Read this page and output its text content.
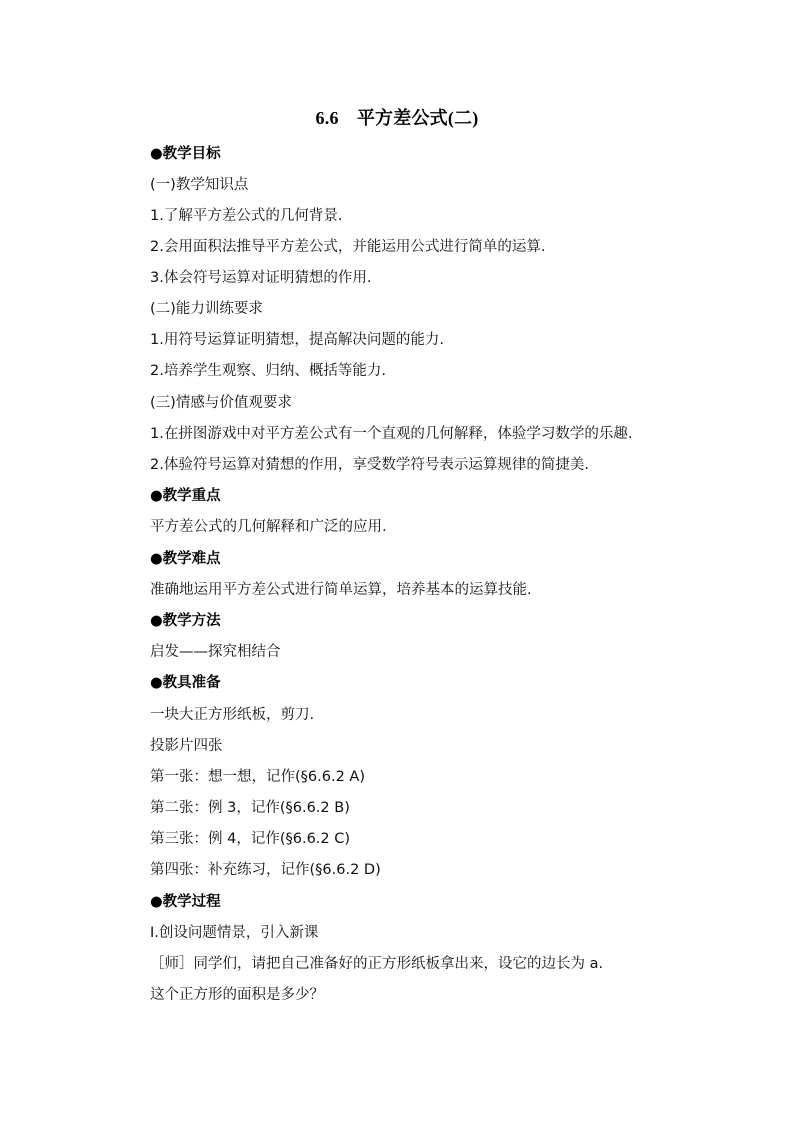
6.6　平方差公式(二)
●教学目标
(一)教学知识点
1.了解平方差公式的几何背景.
2.会用面积法推导平方差公式，并能运用公式进行简单的运算.
3.体会符号运算对证明猜想的作用.
(二)能力训练要求
1.用符号运算证明猜想，提高解决问题的能力.
2.培养学生观察、归纳、概括等能力.
(三)情感与价值观要求
1.在拼图游戏中对平方差公式有一个直观的几何解释，体验学习数学的乐趣.
2.体验符号运算对猜想的作用，享受数学符号表示运算规律的简捷美.
●教学重点
平方差公式的几何解释和广泛的应用.
●教学难点
准确地运用平方差公式进行简单运算，培养基本的运算技能.
●教学方法
启发——探究相结合
●教具准备
一块大正方形纸板，剪刀.
投影片四张
第一张：想一想，记作(§6.6.2 A)
第二张：例 3，记作(§6.6.2 B)
第三张：例 4，记作(§6.6.2 C)
第四张：补充练习，记作(§6.6.2 D)
●教学过程
Ⅰ.创设问题情景，引入新课
［师］同学们，请把自己准备好的正方形纸板拿出来，设它的边长为 a.
这个正方形的面积是多少？
